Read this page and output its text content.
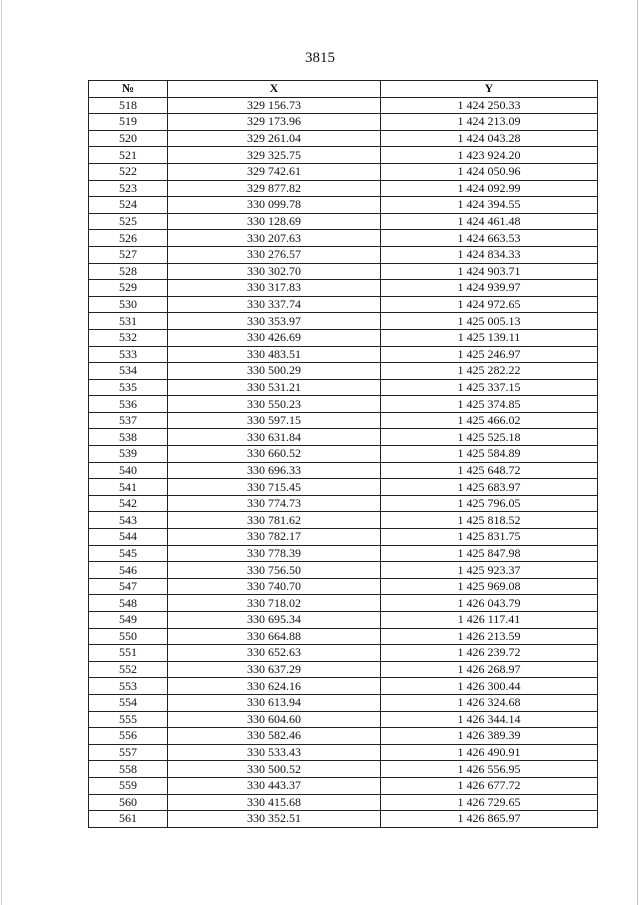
3815
№	X	Y
518	329 156.73	1 424 250.33
519	329 173.96	1 424 213.09
520	329 261.04	1 424 043.28
521	329 325.75	1 423 924.20
522	329 742.61	1 424 050.96
523	329 877.82	1 424 092.99
524	330 099.78	1 424 394.55
525	330 128.69	1 424 461.48
526	330 207.63	1 424 663.53
527	330 276.57	1 424 834.33
528	330 302.70	1 424 903.71
529	330 317.83	1 424 939.97
530	330 337.74	1 424 972.65
531	330 353.97	1 425 005.13
532	330 426.69	1 425 139.11
533	330 483.51	1 425 246.97
534	330 500.29	1 425 282.22
535	330 531.21	1 425 337.15
536	330 550.23	1 425 374.85
537	330 597.15	1 425 466.02
538	330 631.84	1 425 525.18
539	330 660.52	1 425 584.89
540	330 696.33	1 425 648.72
541	330 715.45	1 425 683.97
542	330 774.73	1 425 796.05
543	330 781.62	1 425 818.52
544	330 782.17	1 425 831.75
545	330 778.39	1 425 847.98
546	330 756.50	1 425 923.37
547	330 740.70	1 425 969.08
548	330 718.02	1 426 043.79
549	330 695.34	1 426 117.41
550	330 664.88	1 426 213.59
551	330 652.63	1 426 239.72
552	330 637.29	1 426 268.97
553	330 624.16	1 426 300.44
554	330 613.94	1 426 324.68
555	330 604.60	1 426 344.14
556	330 582.46	1 426 389.39
557	330 533.43	1 426 490.91
558	330 500.52	1 426 556.95
559	330 443.37	1 426 677.72
560	330 415.68	1 426 729.65
561	330 352.51	1 426 865.97
